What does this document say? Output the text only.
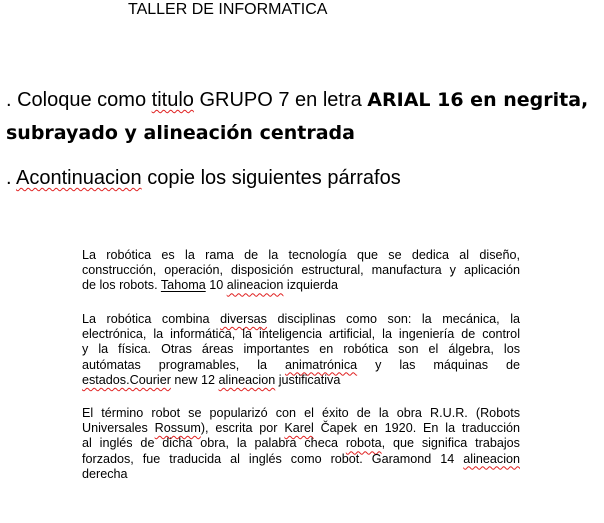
TALLER DE INFORMATICA
. Coloque como titulo GRUPO 7 en letra ARIAL 16 en negrita,
subrayado y alineación centrada
. Acontinuacion copie los siguientes párrafos
La robótica es la rama de la tecnología que se dedica al diseño,
construcción, operación, disposición estructural, manufactura y aplicación
de los robots. Tahoma 10 alineacion izquierda
La robótica combina diversas disciplinas como son: la mecánica, la
electrónica, la informática, la inteligencia artificial, la ingeniería de control
y la física. Otras áreas importantes en robótica son el álgebra, los
autómatas programables, la animatrónica y las máquinas de
estados.Courier new 12 alineacion justificativa
El término robot se popularizó con el éxito de la obra R.U.R. (Robots
Universales Rossum), escrita por Karel Čapek en 1920. En la traducción
al inglés de dicha obra, la palabra checa robota, que significa trabajos
forzados, fue traducida al inglés como robot. Garamond 14 alineacion
derecha
